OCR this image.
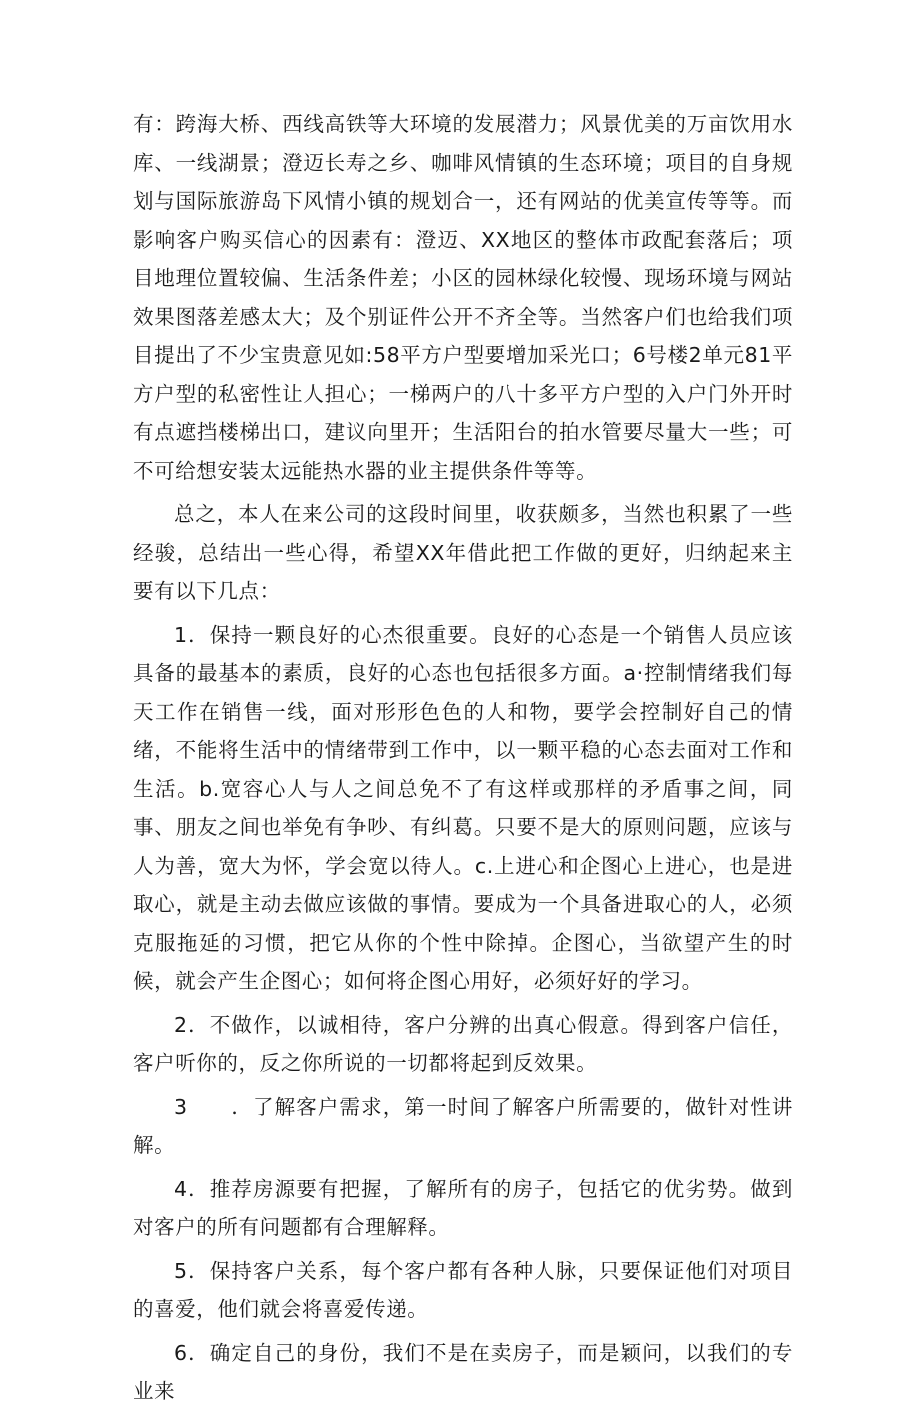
有：跨海大桥、西线高铁等大环境的发展潜力；风景优美的万亩饮用水库、一线湖景；澄迈长寿之乡、咖啡风情镇的生态环境；项目的自身规划与国际旅游岛下风情小镇的规划合一，还有网站的优美宣传等等。而影响客户购买信心的因素有：澄迈、XX地区的整体市政配套落后；项目地理位置较偏、生活条件差；小区的园林绿化较慢、现场环境与网站效果图落差感太大；及个别证件公开不齐全等。当然客户们也给我们项目提出了不少宝贵意见如:58平方户型要增加采光口；6号楼2单元81平方户型的私密性让人担心；一梯两户的八十多平方户型的入户门外开时有点遮挡楼梯出口，建议向里开；生活阳台的拍水管要尽量大一些；可不可给想安装太远能热水器的业主提供条件等等。

总之，本人在来公司的这段时间里，收获颇多，当然也积累了一些经骏，总结出一些心得，希望XX年借此把工作做的更好，归纳起来主要有以下几点：

1．保持一颗良好的心杰很重要。良好的心态是一个销售人员应该具备的最基本的素质，良好的心态也包括很多方面。a·控制情绪我们每天工作在销售一线，面对形形色色的人和物，要学会控制好自己的情绪，不能将生活中的情绪带到工作中，以一颗平稳的心态去面对工作和生活。b.宽容心人与人之间总免不了有这样或那样的矛盾事之间，同事、朋友之间也举免有争吵、有纠葛。只要不是大的原则问题，应该与人为善，宽大为怀，学会宽以待人。c.上进心和企图心上进心，也是进取心，就是主动去做应该做的事情。要成为一个具备进取心的人，必须克服拖延的习惯，把它从你的个性中除掉。企图心，当欲望产生的时候，就会产生企图心；如何将企图心用好，必须好好的学习。

2．不做作，以诚相待，客户分辨的出真心假意。得到客户信任，客户听你的，反之你所说的一切都将起到反效果。

3　　．了解客户需求，第一时间了解客户所需要的，做针对性讲解。

4．推荐房源要有把握，了解所有的房子，包括它的优劣势。做到对客户的所有问题都有合理解释。

5．保持客户关系，每个客户都有各种人脉，只要保证他们对项目的喜爱，他们就会将喜爱传递。

6．确定自己的身份，我们不是在卖房子，而是颖问，以我们的专业来
